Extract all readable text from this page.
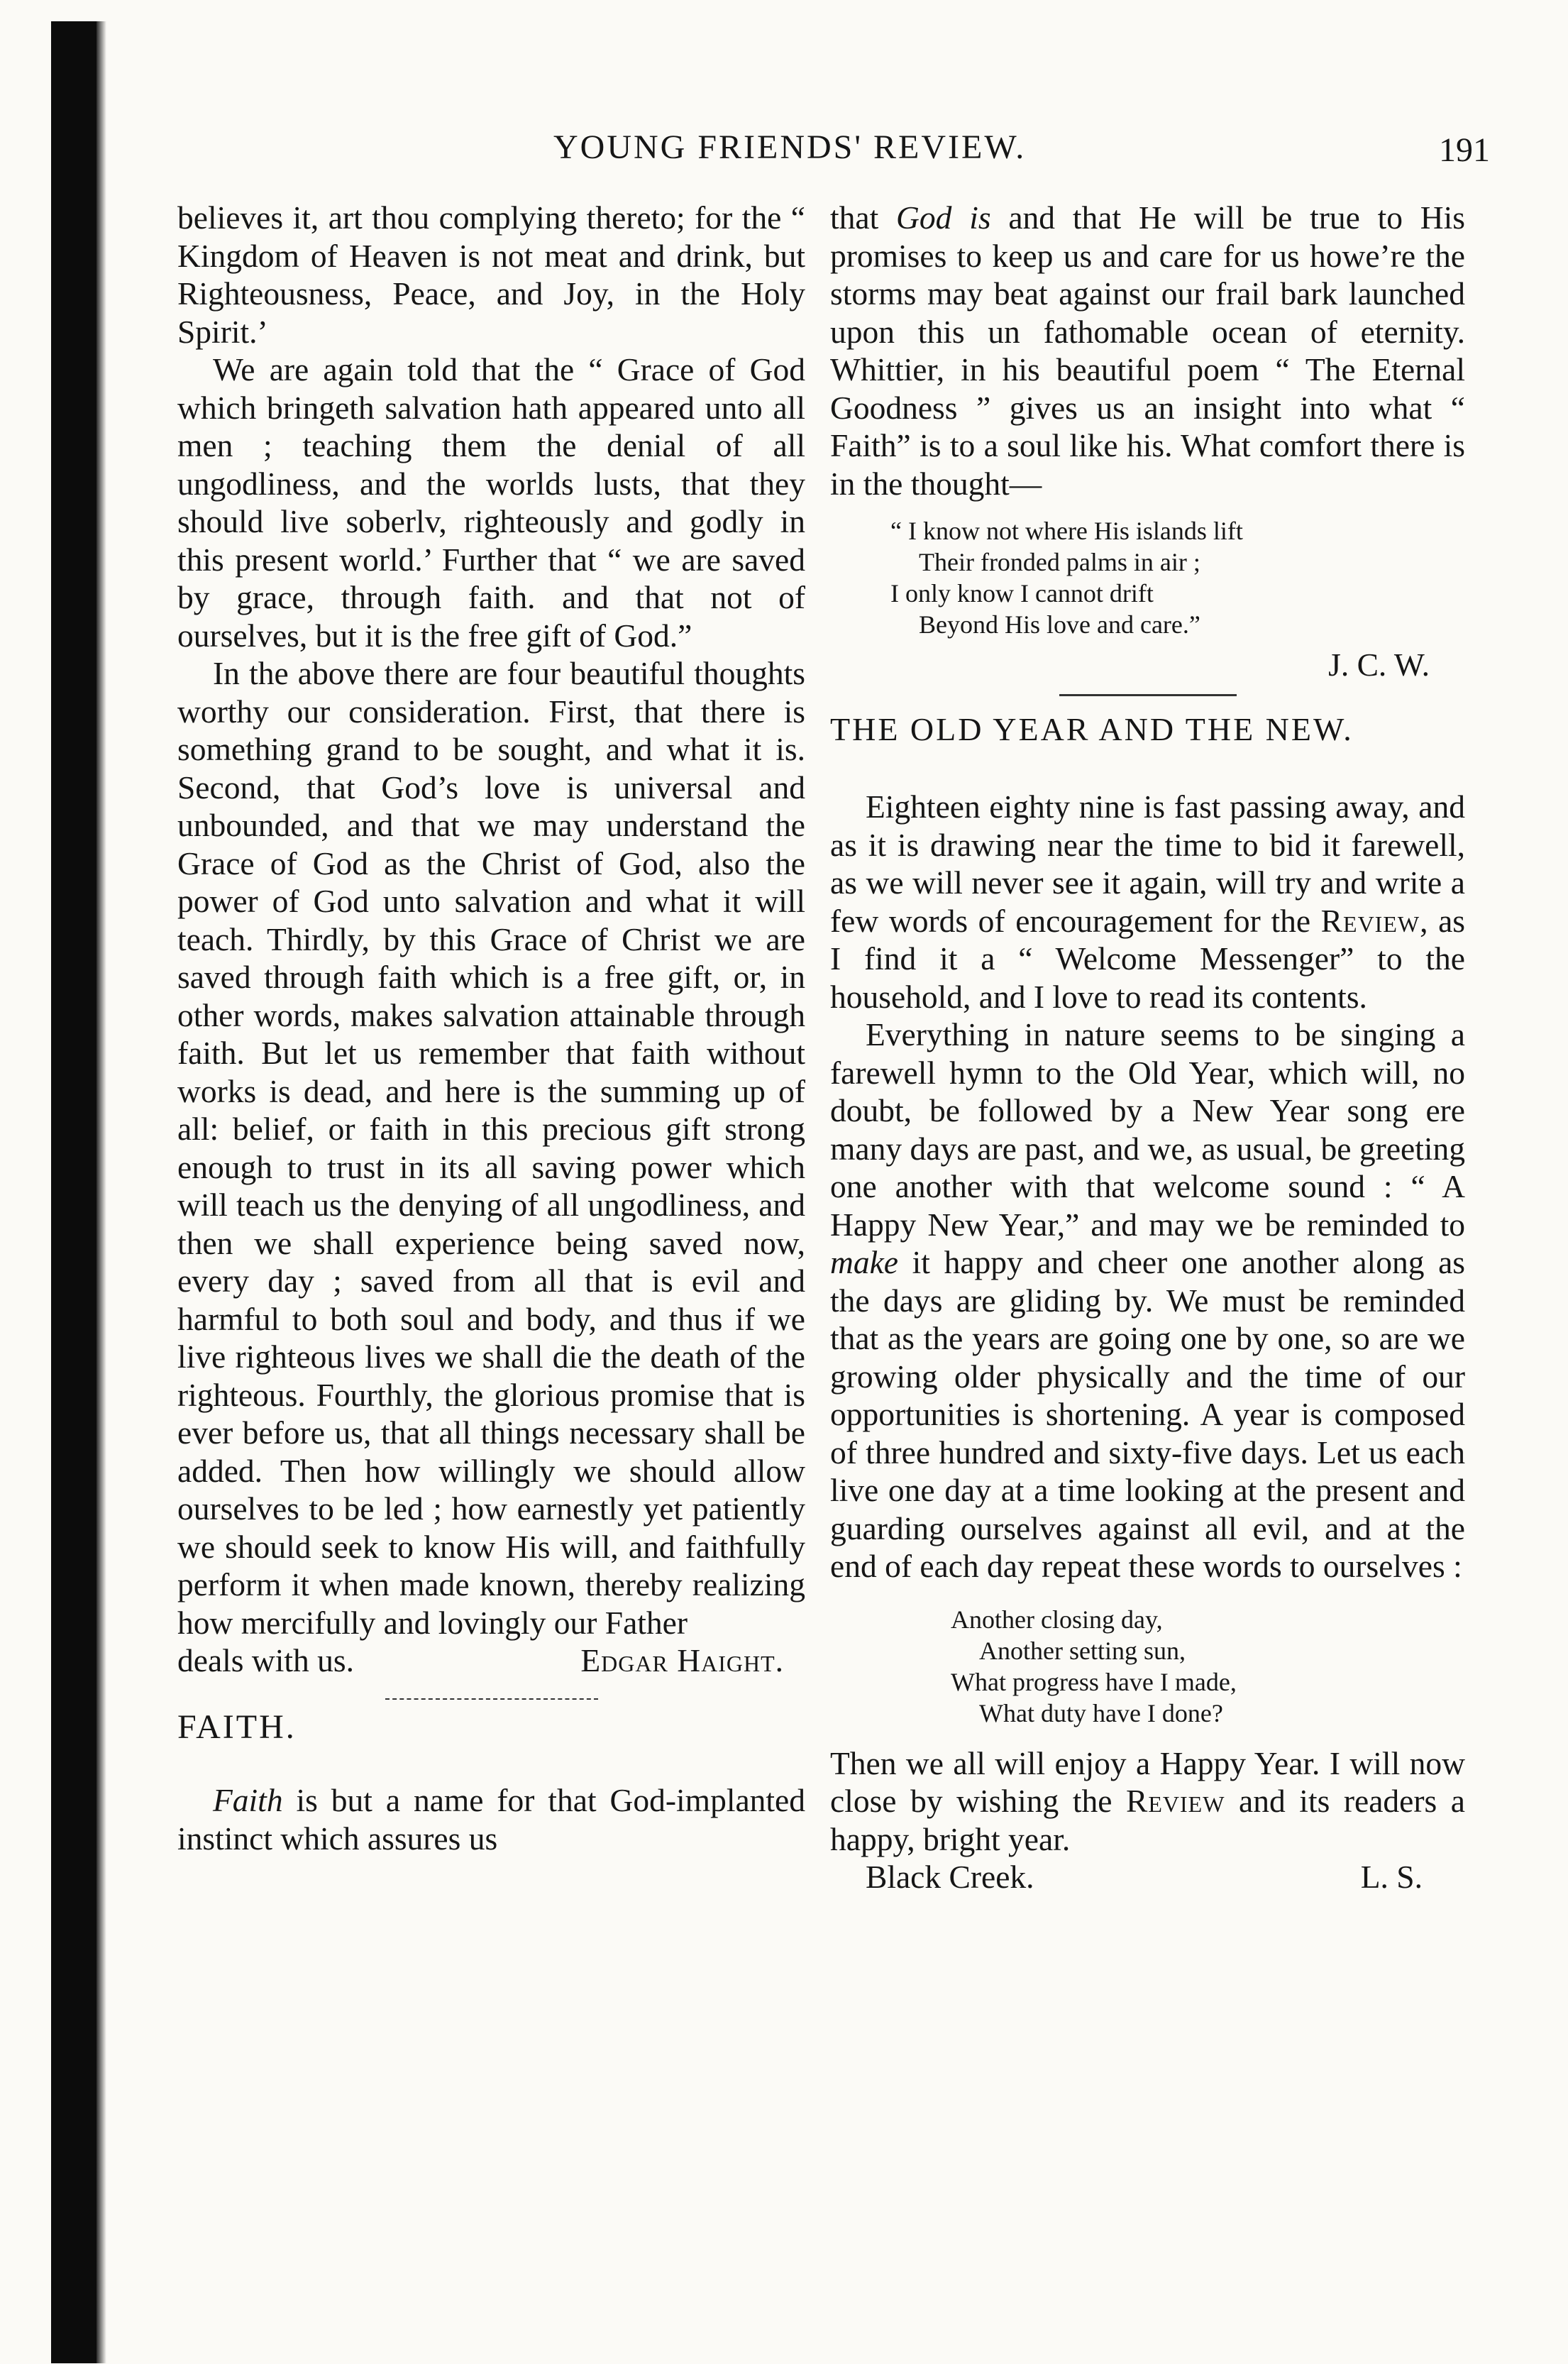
YOUNG FRIENDS' REVIEW.	191

believes it, art thou complying thereto; for the “ Kingdom of Heaven is not meat and drink, but Righteousness, Peace, and Joy, in the Holy Spirit.’

We are again told that the “ Grace of God which bringeth salvation hath appeared unto all men ; teaching them the denial of all ungodliness, and the worlds lusts, that they should live soberlv, righteously and godly in this present world.’ Further that “ we are saved by grace, through faith. and that not of ourselves, but it is the free gift of God.”

In the above there are four beautiful thoughts worthy our consideration. First, that there is something grand to be sought, and what it is. Second, that God’s love is universal and unbounded, and that we may understand the Grace of God as the Christ of God, also the power of God unto salvation and what it will teach. Thirdly, by this Grace of Christ we are saved through faith which is a free gift, or, in other words, makes salvation attainable through faith. But let us remember that faith without works is dead, and here is the summing up of all: belief, or faith in this precious gift strong enough to trust in its all saving power which will teach us the denying of all ungodliness, and then we shall experience being saved now, every day ; saved from all that is evil and harmful to both soul and body, and thus if we live righteous lives we shall die the death of the righteous. Fourthly, the glorious promise that is ever before us, that all things necessary shall be added. Then how willingly we should allow ourselves to be led ; how earnestly yet patiently we should seek to know His will, and faithfully perform it when made known, thereby realizing how mercifully and lovingly our Father

deals with us.	Edgar Haight.

FAITH.

Faith is but a name for that God-implanted instinct which assures us

that God is and that He will be true to His promises to keep us and care for us howe’re the storms may beat against our frail bark launched upon this un fathomable ocean of eternity. Whittier, in his beautiful poem “ The Eternal Goodness ” gives us an insight into what “ Faith” is to a soul like his. What comfort there is in the thought—

“ I know not where His islands lift
Their fronded palms in air ;
I only know I cannot drift
Beyond His love and care.”
J. C. W.

THE OLD YEAR AND THE NEW.

Eighteen eighty nine is fast passing away, and as it is drawing near the time to bid it farewell, as we will never see it again, will try and write a few words of encouragement for the Review, as I find it a “ Welcome Messenger” to the household, and I love to read its contents.

Everything in nature seems to be singing a farewell hymn to the Old Year, which will, no doubt, be followed by a New Year song ere many days are past, and we, as usual, be greeting one another with that welcome sound : “ A Happy New Year,” and may we be reminded to make it happy and cheer one another along as the days are gliding by. We must be reminded that as the years are going one by one, so are we growing older physically and the time of our opportunities is shortening. A year is composed of three hundred and sixty-five days. Let us each live one day at a time looking at the present and guarding ourselves against all evil, and at the end of each day repeat these words to ourselves :

Another closing day,
Another setting sun,
What progress have I made,
What duty have I done?

Then we all will enjoy a Happy Year. I will now close by wishing the Review and its readers a happy, bright year.

Black Creek.	L. S.
